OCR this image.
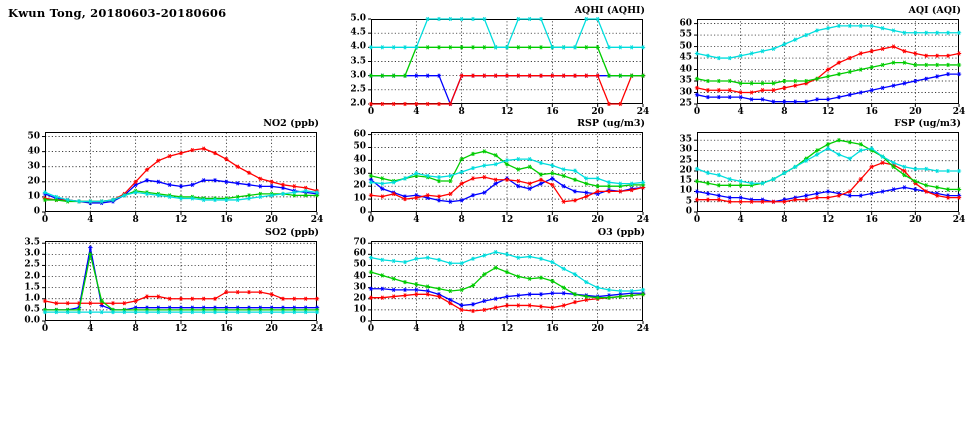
Kwun Tong, 20180603-20180606
2.0
2.5
3.0
3.5
4.0
4.5
5.0
0	4	8	12	16	20	24
AQHI (AQHI)
25
30
35
40
45
50
55
60
0	4	8	12	16	20	24
AQI (AQI)
0
10
20
30
40
50
0	4	8	12	16	20	24
NO2 (ppb)
0
10
20
30
40
50
60
0	4	8	12	16	20	24
RSP (ug/m3)
0
5
10
15
20
25
30
35
0	4	8	12	16	20	24
FSP (ug/m3)
0.0
0.5
1.0
1.5
2.0
2.5
3.0
3.5
0	4	8	12	16	20	24
SO2 (ppb)
0
10
20
30
40
50
60
70
0	4	8	12	16	20	24
O3 (ppb)
